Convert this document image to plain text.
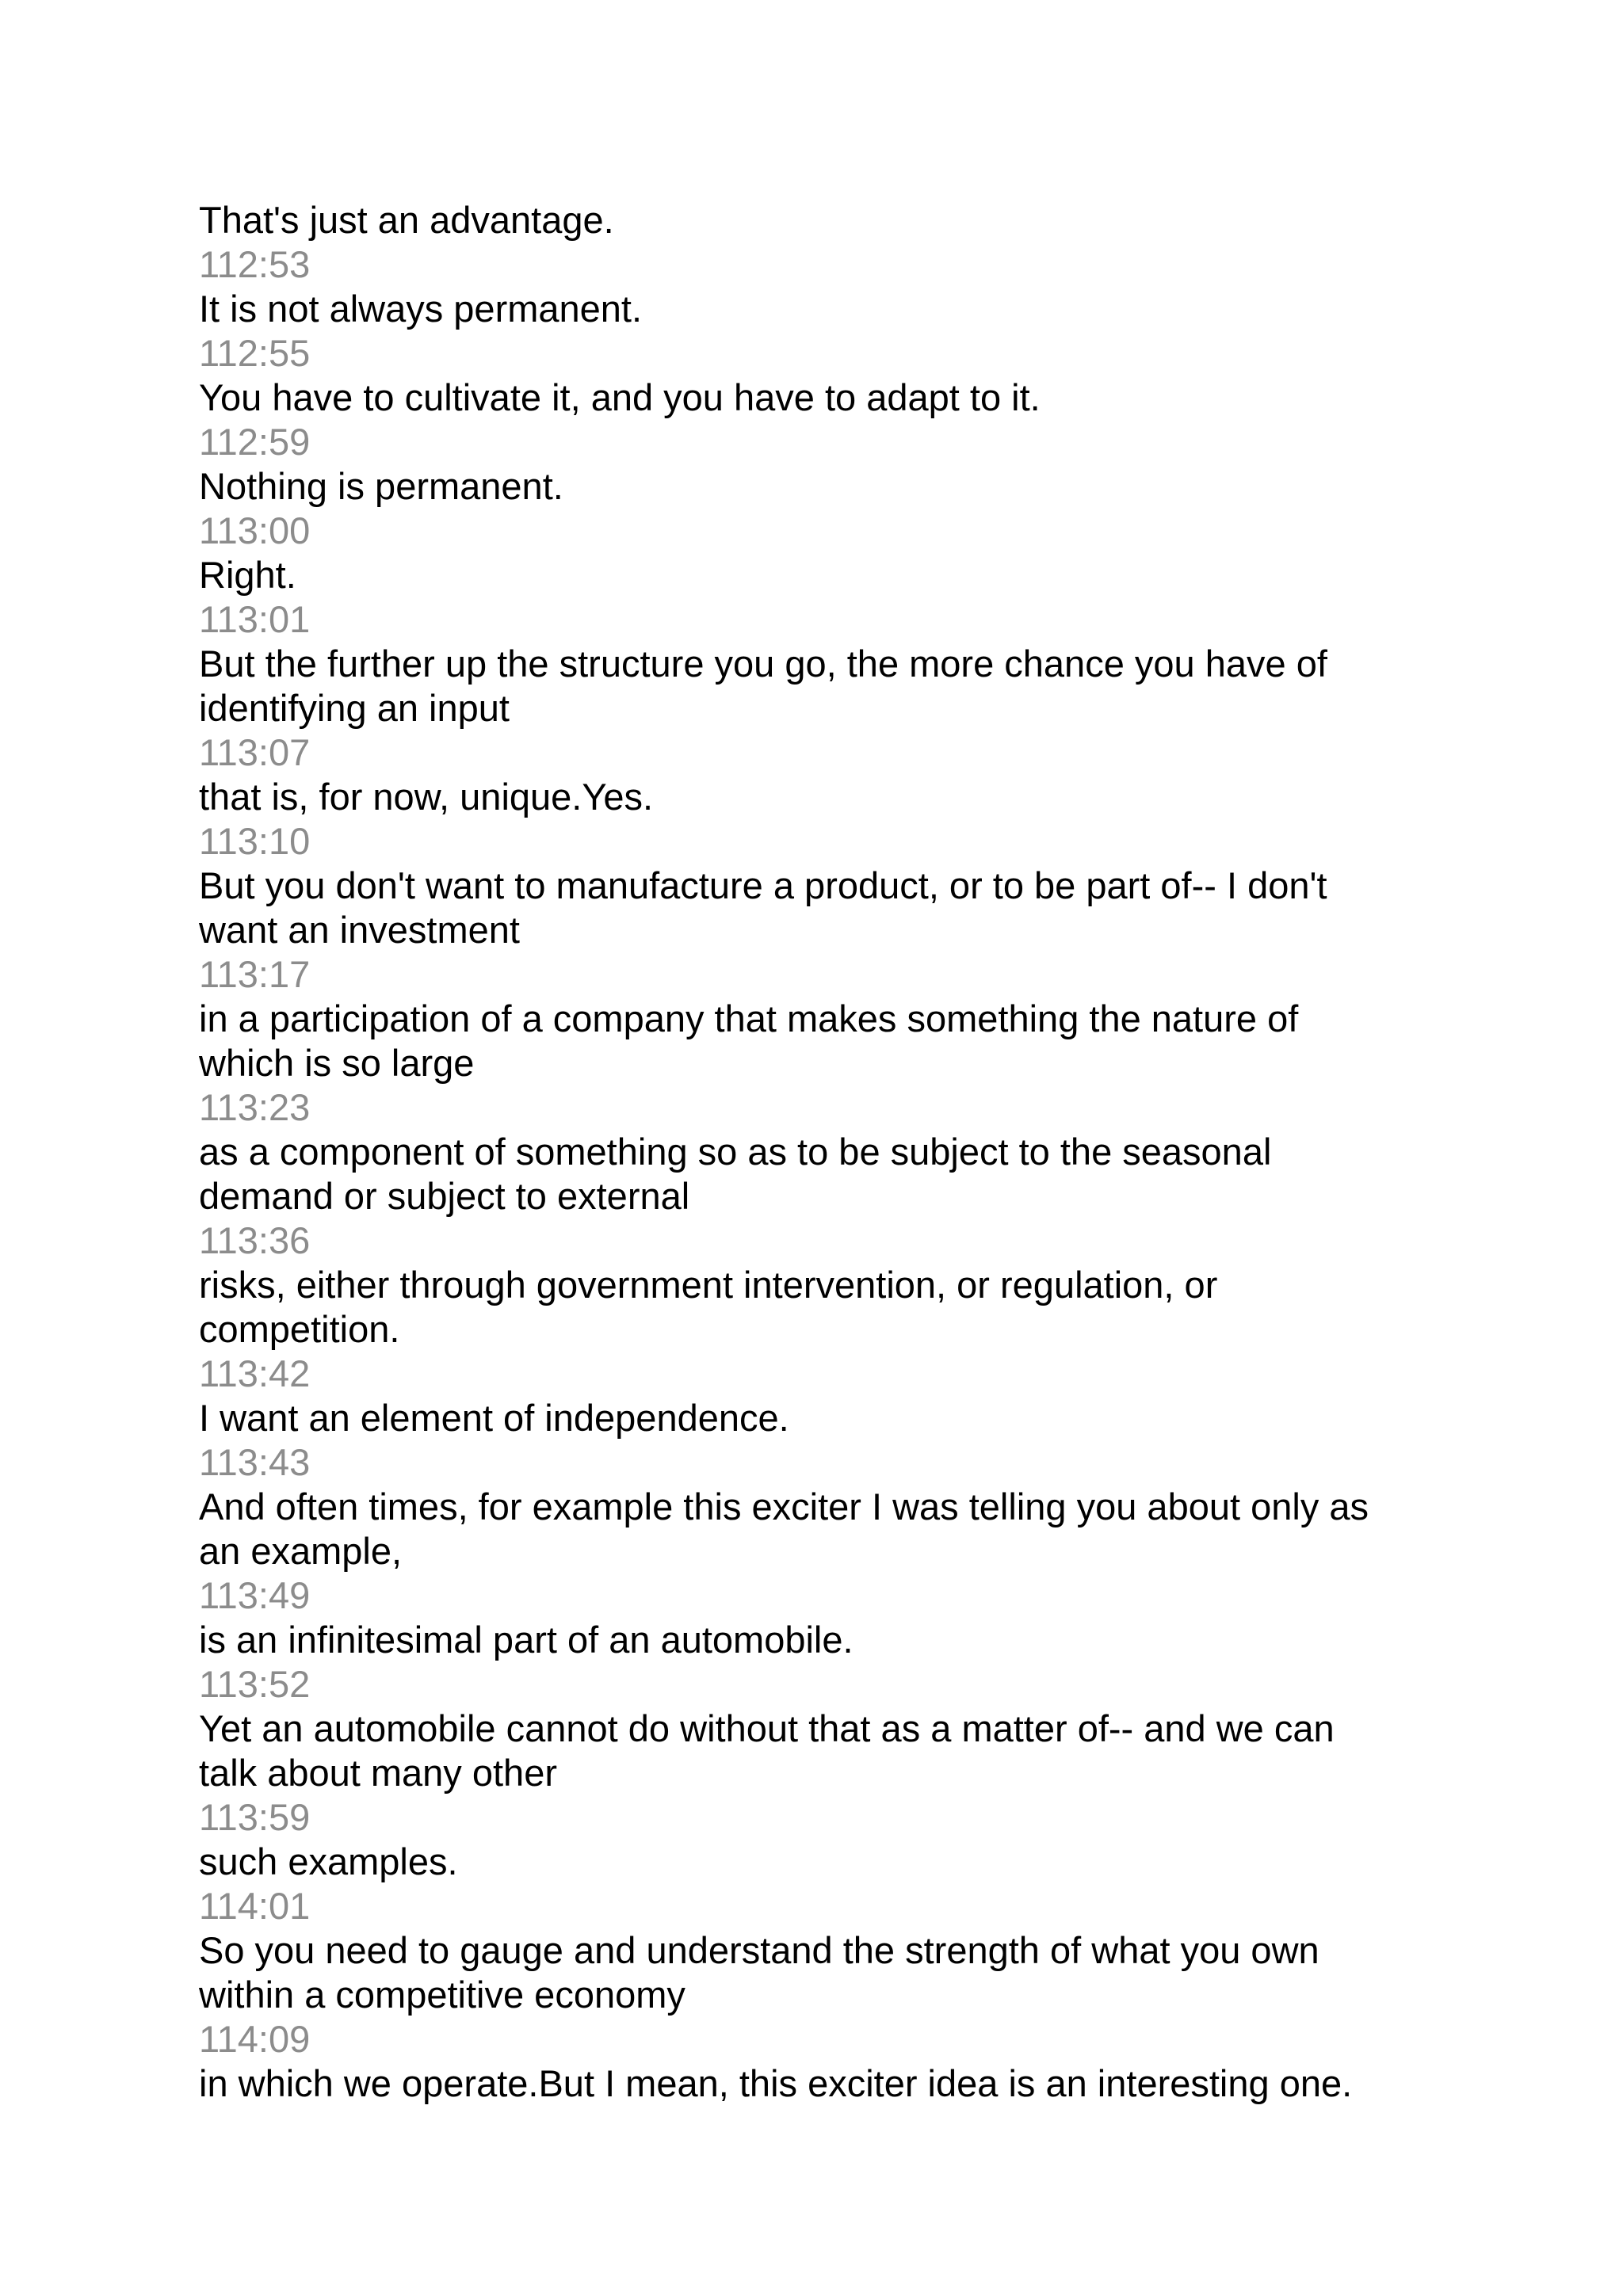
That's just an advantage.
112:53
It is not always permanent.
112:55
You have to cultivate it, and you have to adapt to it.
112:59
Nothing is permanent.
113:00
Right.
113:01
But the further up the structure you go, the more chance you have of
identifying an input
113:07
that is, for now, unique.Yes.
113:10
But you don't want to manufacture a product, or to be part of-- I don't
want an investment
113:17
in a participation of a company that makes something the nature of
which is so large
113:23
as a component of something so as to be subject to the seasonal
demand or subject to external
113:36
risks, either through government intervention, or regulation, or
competition.
113:42
I want an element of independence.
113:43
And often times, for example this exciter I was telling you about only as
an example,
113:49
is an infinitesimal part of an automobile.
113:52
Yet an automobile cannot do without that as a matter of-- and we can
talk about many other
113:59
such examples.
114:01
So you need to gauge and understand the strength of what you own
within a competitive economy
114:09
in which we operate.But I mean, this exciter idea is an interesting one.
